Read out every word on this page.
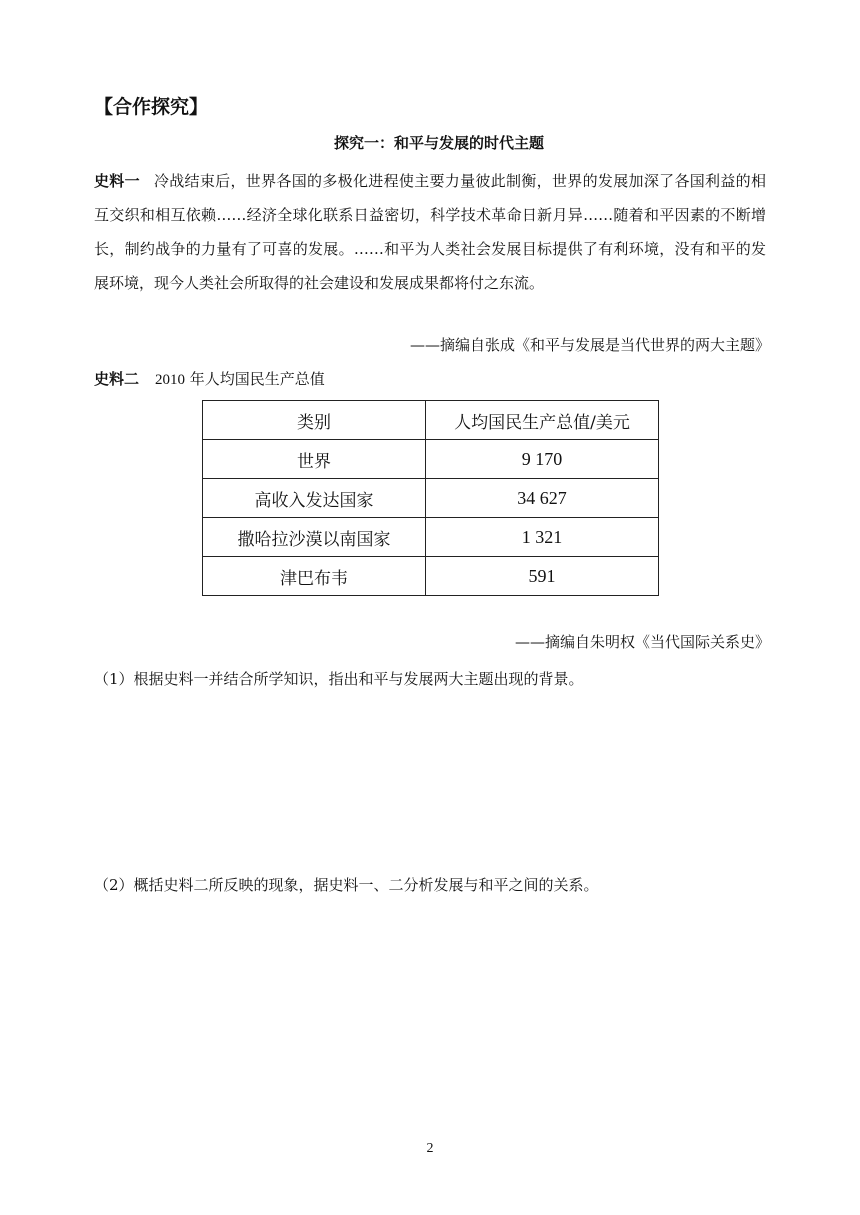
【合作探究】
探究一：和平与发展的时代主题
史料一 冷战结束后，世界各国的多极化进程使主要力量彼此制衡，世界的发展加深了各国利益的相互交织和相互依赖……经济全球化联系日益密切，科学技术革命日新月异……随着和平因素的不断增长，制约战争的力量有了可喜的发展。……和平为人类社会发展目标提供了有利环境，没有和平的发展环境，现今人类社会所取得的社会建设和发展成果都将付之东流。
——摘编自张成《和平与发展是当代世界的两大主题》
史料二 2010 年人均国民生产总值
类别	人均国民生产总值/美元
世界	9 170
高收入发达国家	34 627
撒哈拉沙漠以南国家	1 321
津巴布韦	591
——摘编自朱明权《当代国际关系史》
（1）根据史料一并结合所学知识，指出和平与发展两大主题出现的背景。
（2）概括史料二所反映的现象，据史料一、二分析发展与和平之间的关系。
2
